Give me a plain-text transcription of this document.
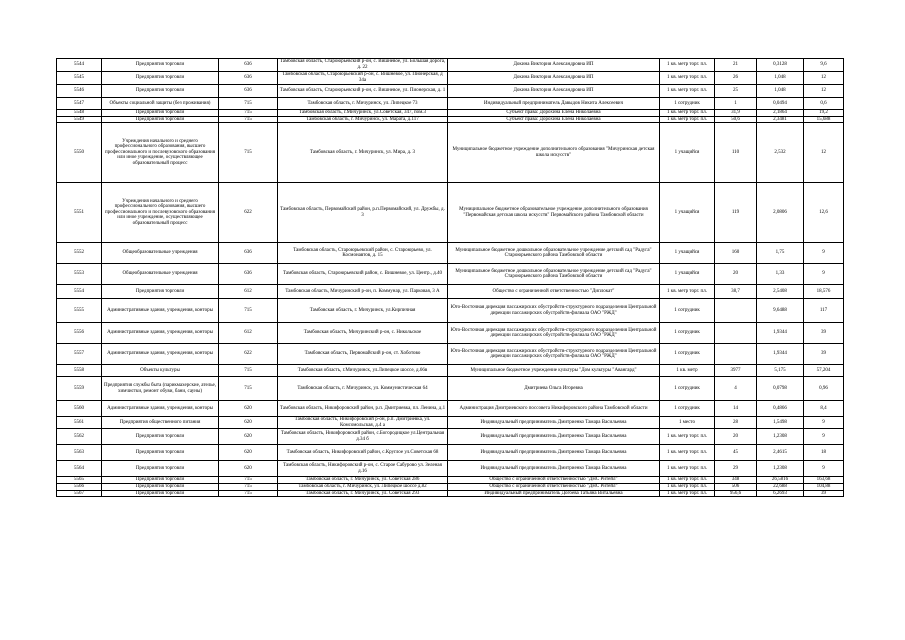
5544	Предприятия торговли	636	Тамбовская область, Староюрьевский р-он, с. Вишневое, ул. Большая дорога, д. 22	Докина Виктория Александровна ИП	1 кв. метр торг. пл.	21	0,3128	9,6
5545	Предприятия торговли	636	Тамбовская область, Староюрьевский р-он, с. Вишневое, ул. Пионерская, д 34а	Докина Виктория Александровна ИП	1 кв. метр торг. пл.	26	1,048	12
5546	Предприятия торговли	636	Тамбовская область, Староюрьевский р-он, с. Вишневое, ул. Пионерская, д. 1	Докина Виктория Александровна ИП	1 кв. метр торг. пл.	25	1,048	12
5547	Объекты социальной защиты (без проживания)	715	Тамбовская область, г. Мичуринск, ул. Липецкое 73	Индивидуальный предприниматель Давыдов Никита Алексеевич	1 сотрудник	1	0,0494	0,6
5548	Предприятия торговли	715	Тамбовская область, г.Мичуринск, ул.Советская, 347, пом.3	Субъект права: Дорохина Елена Николаевна	1 кв. метр торг. пл.	31,9	2,1864	19,2
5549	Предприятия торговли	715	Тамбовская область, г. Мичуринск, ул. Марата, д.117	Субъект права: Дорохина Елена Николаевна	1 кв. метр торг. пл.	50,6	2,3481	15,688
5550	Учреждения начального и среднего профессионального образования, высшего профессионального и послевузовского образования или иное учреждение, осуществляющее образовательный процесс	715	Тамбовская область, г. Мичуринск, ул. Мира, д. 3	Муниципальное бюджетное учреждение дополнительного образования "Мичуринская детская школа искусств"	1 учащийся	110	2,532	12
5551	Учреждения начального и среднего профессионального образования, высшего профессионального и послевузовского образования или иное учреждение, осуществляющее образовательный процесс	622	Тамбовская область, Первомайский район, р.п.Первомайский, ул. Дружбы, д. 3	Муниципальное бюджетное образовательное учреждение дополнительного образования "Первомайская детская школа искусств" Первомайского района Тамбовской области	1 учащийся	119	2,0806	12,6
5552	Общеобразовательные учреждения	636	Тамбовская область, Староюрьевский район, с. Староюрьево, ул. Космонавтов, д. 15	Муниципальное бюджетное дошкольное образовательное учреждение детский сад "Радуга" Староюрьевского района Тамбовской области	1 учащийся	160	1,75	9
5553	Общеобразовательные учреждения	636	Тамбовская область, Староюрьевский район, с. Вишневое, ул. Центр., д.40	Муниципальное бюджетное дошкольное образовательное учреждение детский сад "Радуга" Староюрьевского района Тамбовской области	1 учащийся	20	1,33	9
5554	Предприятия торговли	612	Тамбовская область, Мичуринский р-он, п. Коммунар, ул. Парковая, 3 А	Общество с ограниченной ответственностью "Диплокат"	1 кв. метр торг. пл.	38,7	2,5408	18,576
5555	Административные здания, учреждения, конторы	715	Тамбовская область, г. Мичуринск, ул.Кирпичная	Юго-Восточная дирекция пассажирских обустройств-структурного подразделения Центральной дирекции пассажирских обустройств-филиала ОАО "РЖД"	1 сотрудник		9,6488	117
5556	Административные здания, учреждения, конторы	612	Тамбовская область, Мичуринский р-он, с. Никольское	Юго-Восточная дирекция пассажирских обустройств-структурного подразделения Центральной дирекции пассажирских обустройств-филиала ОАО "РЖД"	1 сотрудник		1,9344	39
5557	Административные здания, учреждения, конторы	622	Тамбовская область, Первомайский р-он, ст. Хоботово	Юго-Восточная дирекция пассажирских обустройств-структурного подразделения Центральной дирекции пассажирских обустройств-филиала ОАО "РЖД"	1 сотрудник		1,9344	39
5558	Объекты культуры	715	Тамбовская область, г.Мичуринск, ул.Липецкое шоссе, д.66в	Муниципальное бюджетное учреждение культуры "Дом культуры "Авангард"	1 кв. метр	3977	5,175	57,204
5559	Предприятия службы быта (парикмахерские, ателье, химчистки, ремонт обуви, бани, сауны)	715	Тамбовская область, г. Мичуринск, ул. Коммунистическая 64	Дмитриева Ольга Игоревна	1 сотрудник	4	0,0798	0,96
5560	Административные здания, учреждения, конторы	620	Тамбовская область, Никифоровский район, р.п. Дмитриевка, пл. Ленина, д.1	Администрация Дмитриевского поссовета Никифоровского района Тамбовской области	1 сотрудник	14	0,4866	8,4
5561	Предприятия общественного питания	620	Тамбовская область, Никифоровский р-он, р.п. Дмитриевка, ул. Комсомольская, д.4 а	Индивидуальный предприниматель Дмитриенко Тамара Васильевна	1 место	28	1,5498	9
5562	Предприятия торговли	620	Тамбовская область, Никифоровский район, с.Богородицкое ул.Центральная д.34 б	Индивидуальный предприниматель Дмитриенко Тамара Васильевна	1 кв. метр торг. пл.	20	1,2308	9
5563	Предприятия торговли	620	Тамбовская область, Никифоровский район, с.Круглое ул.Советская 68	Индивидуальный предприниматель Дмитриенко Тамара Васильевна	1 кв. метр торг. пл.	45	2,4615	18
5564	Предприятия торговли	620	Тамбовская область, Никифоровский р-он, с. Старое Сабурово ул. Зеленая д.16	Индивидуальный предприниматель Дмитриенко Тамара Васильевна	1 кв. метр торг. пл.	29	1,2308	9
5565	Предприятия торговли	715	Тамбовская область, г. Мичуринск, ул. Советская 286	Общество с ограниченной ответственностью "ДНС Ритейл"	1 кв. метр торг. пл.	348	26,5816	163,68
5566	Предприятия торговли	715	Тамбовская область, г. Мичуринск, ул. Липецкое шоссе д.82	Общество с ограниченной ответственностью "ДНС Ритейл"	1 кв. метр торг. пл.	506	22,688	104,88
5567	Предприятия торговли	715	Тамбовская область, г. Мичуринск, ул. Советская 293	Индивидуальный предприниматель Догоева Татьяна Витальевна	1 кв. метр торг. пл.	956,6	6,2693	39
